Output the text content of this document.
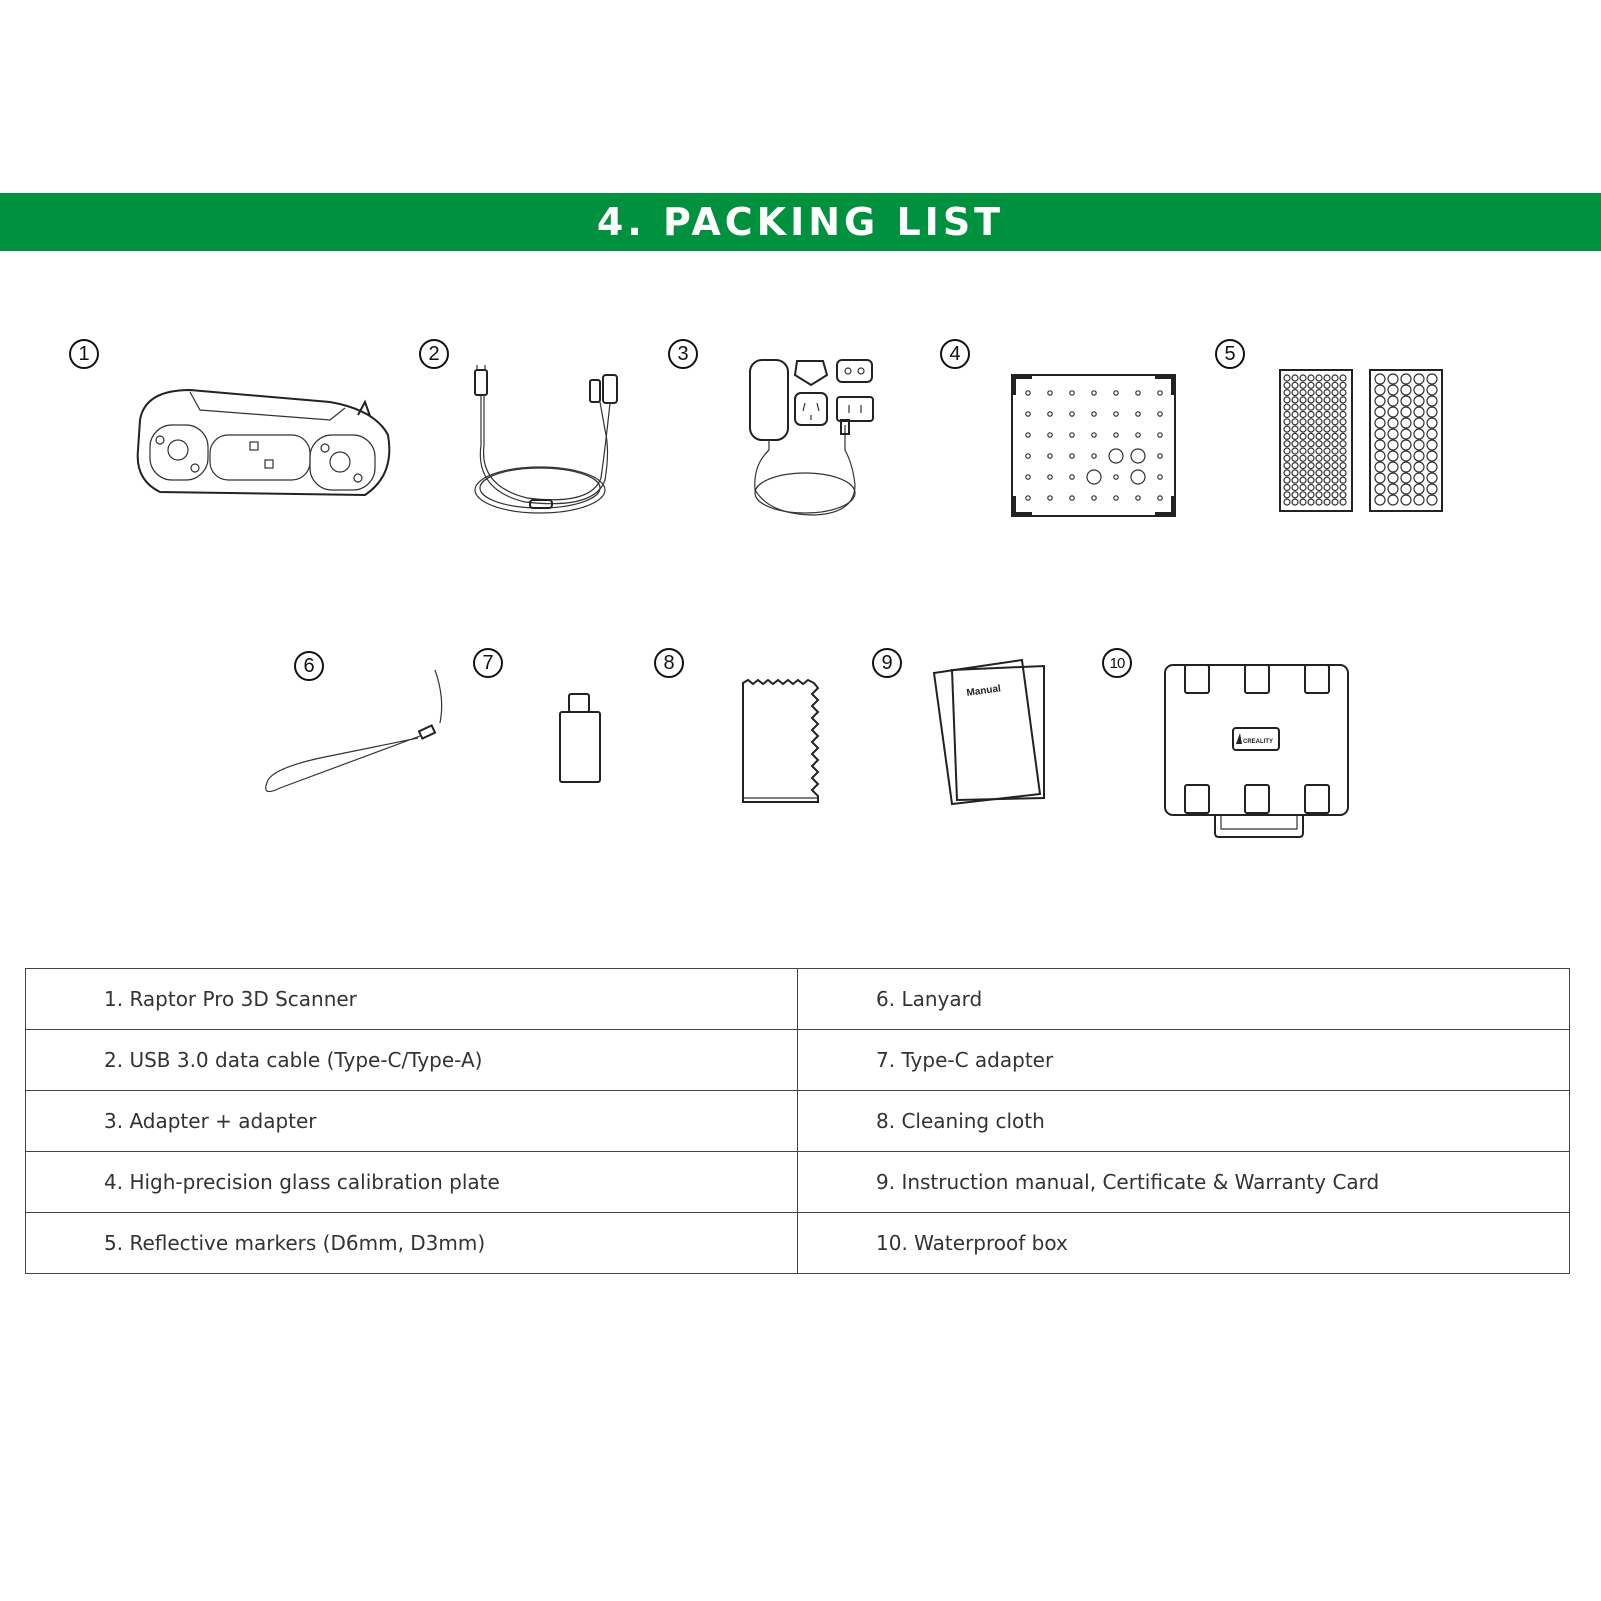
4. PACKING LIST
1	2	3	4	5
6	7	8	9	10
Manual
CREALITY
1. Raptor Pro 3D Scanner	6. Lanyard
2. USB 3.0 data cable (Type-C/Type-A)	7. Type-C adapter
3. Adapter + adapter	8. Cleaning cloth
4. High-precision glass calibration plate	9. Instruction manual, Certificate & Warranty Card
5. Reflective markers (D6mm, D3mm)	10. Waterproof box
